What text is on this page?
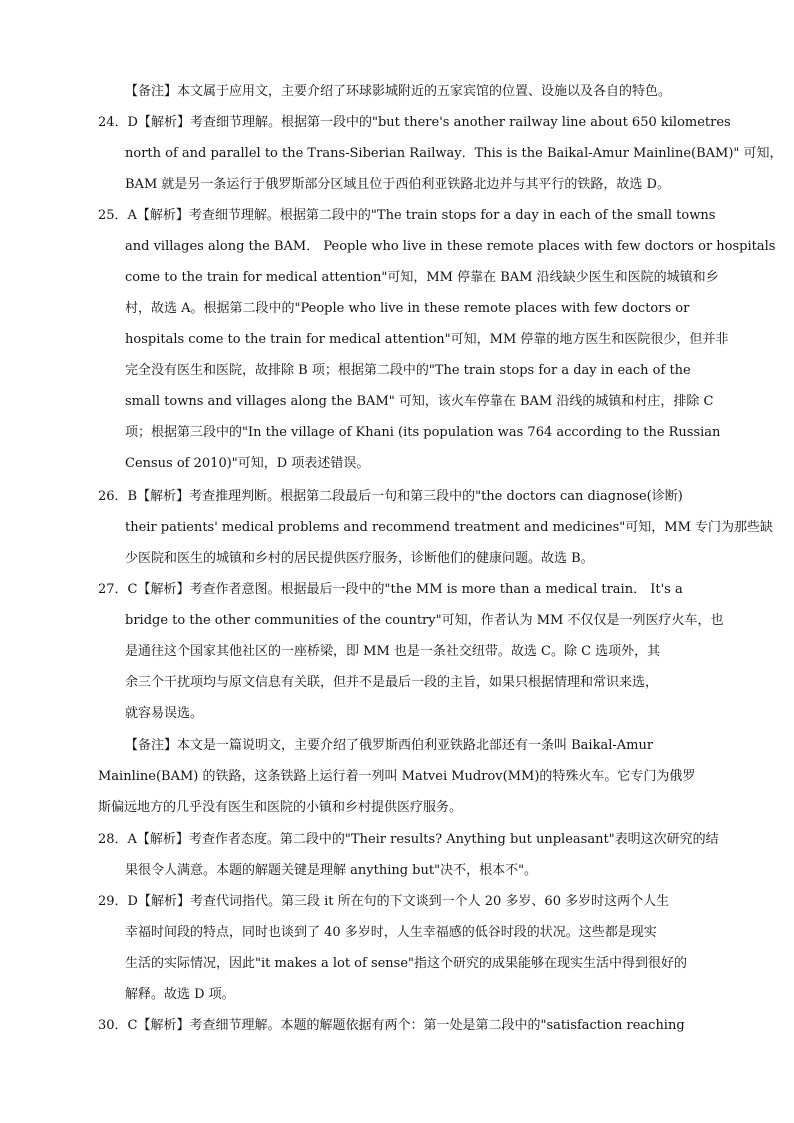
【备注】本文属于应用文，主要介绍了环球影城附近的五家宾馆的位置、设施以及各自的特色。
24．D【解析】考查细节理解。根据第一段中的"but there's another railway line about 650 kilometres
north of and parallel to the Trans-Siberian Railway．This is the Baikal-Amur Mainline(BAM)" 可知，
BAM 就是另一条运行于俄罗斯部分区域且位于西伯利亚铁路北边并与其平行的铁路，故选 D。
25．A【解析】考查细节理解。根据第二段中的"The train stops for a day in each of the small towns
and villages along the BAM． People who live in these remote places with few doctors or hospitals
come to the train for medical attention"可知，MM 停靠在 BAM 沿线缺少医生和医院的城镇和乡
村，故选 A。根据第二段中的"People who live in these remote places with few doctors or
hospitals come to the train for medical attention"可知，MM 停靠的地方医生和医院很少，但并非
完全没有医生和医院，故排除 B 项；根据第二段中的"The train stops for a day in each of the
small towns and villages along the BAM" 可知，该火车停靠在 BAM 沿线的城镇和村庄，排除 C
项；根据第三段中的"In the village of Khani (its population was 764 according to the Russian
Census of 2010)"可知，D 项表述错误。
26．B【解析】考查推理判断。根据第二段最后一句和第三段中的"the doctors can diagnose(诊断)
their patients' medical problems and recommend treatment and medicines"可知，MM 专门为那些缺
少医院和医生的城镇和乡村的居民提供医疗服务，诊断他们的健康问题。故选 B。
27．C【解析】考查作者意图。根据最后一段中的"the MM is more than a medical train． It's a
bridge to the other communities of the country"可知，作者认为 MM 不仅仅是一列医疗火车，也
是通往这个国家其他社区的一座桥梁，即 MM 也是一条社交纽带。故选 C。除 C 选项外，其
余三个干扰项均与原文信息有关联，但并不是最后一段的主旨，如果只根据情理和常识来选，
就容易误选。
【备注】本文是一篇说明文，主要介绍了俄罗斯西伯利亚铁路北部还有一条叫 Baikal-Amur
Mainline(BAM) 的铁路，这条铁路上运行着一列叫 Matvei Mudrov(MM)的特殊火车。它专门为俄罗
斯偏远地方的几乎没有医生和医院的小镇和乡村提供医疗服务。
28．A【解析】考查作者态度。第二段中的"Their results? Anything but unpleasant"表明这次研究的结
果很令人满意。本题的解题关键是理解 anything but"决不，根本不"。
29．D【解析】考查代词指代。第三段 it 所在句的下文谈到一个人 20 多岁、60 多岁时这两个人生
幸福时间段的特点，同时也谈到了 40 多岁时，人生幸福感的低谷时段的状况。这些都是现实
生活的实际情况，因此"it makes a lot of sense"指这个研究的成果能够在现实生活中得到很好的
解释。故选 D 项。
30．C【解析】考查细节理解。本题的解题依据有两个：第一处是第二段中的"satisfaction reaching
